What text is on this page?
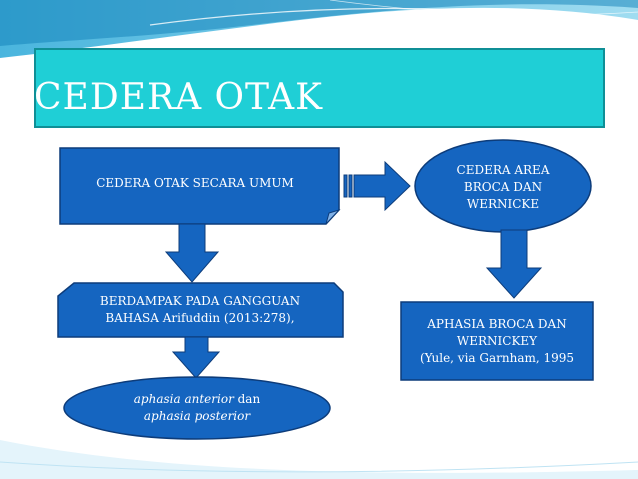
CEDERA OTAK
CEDERA OTAK SECARA UMUM
CEDERA AREA
BROCA DAN
WERNICKE
BERDAMPAK PADA GANGGUAN
BAHASA Arifuddin (2013:278),	APHASIA BROCA DAN
WERNICKEY
(Yule, via Garnham, 1995
aphasia anterior dan
aphasia posterior
